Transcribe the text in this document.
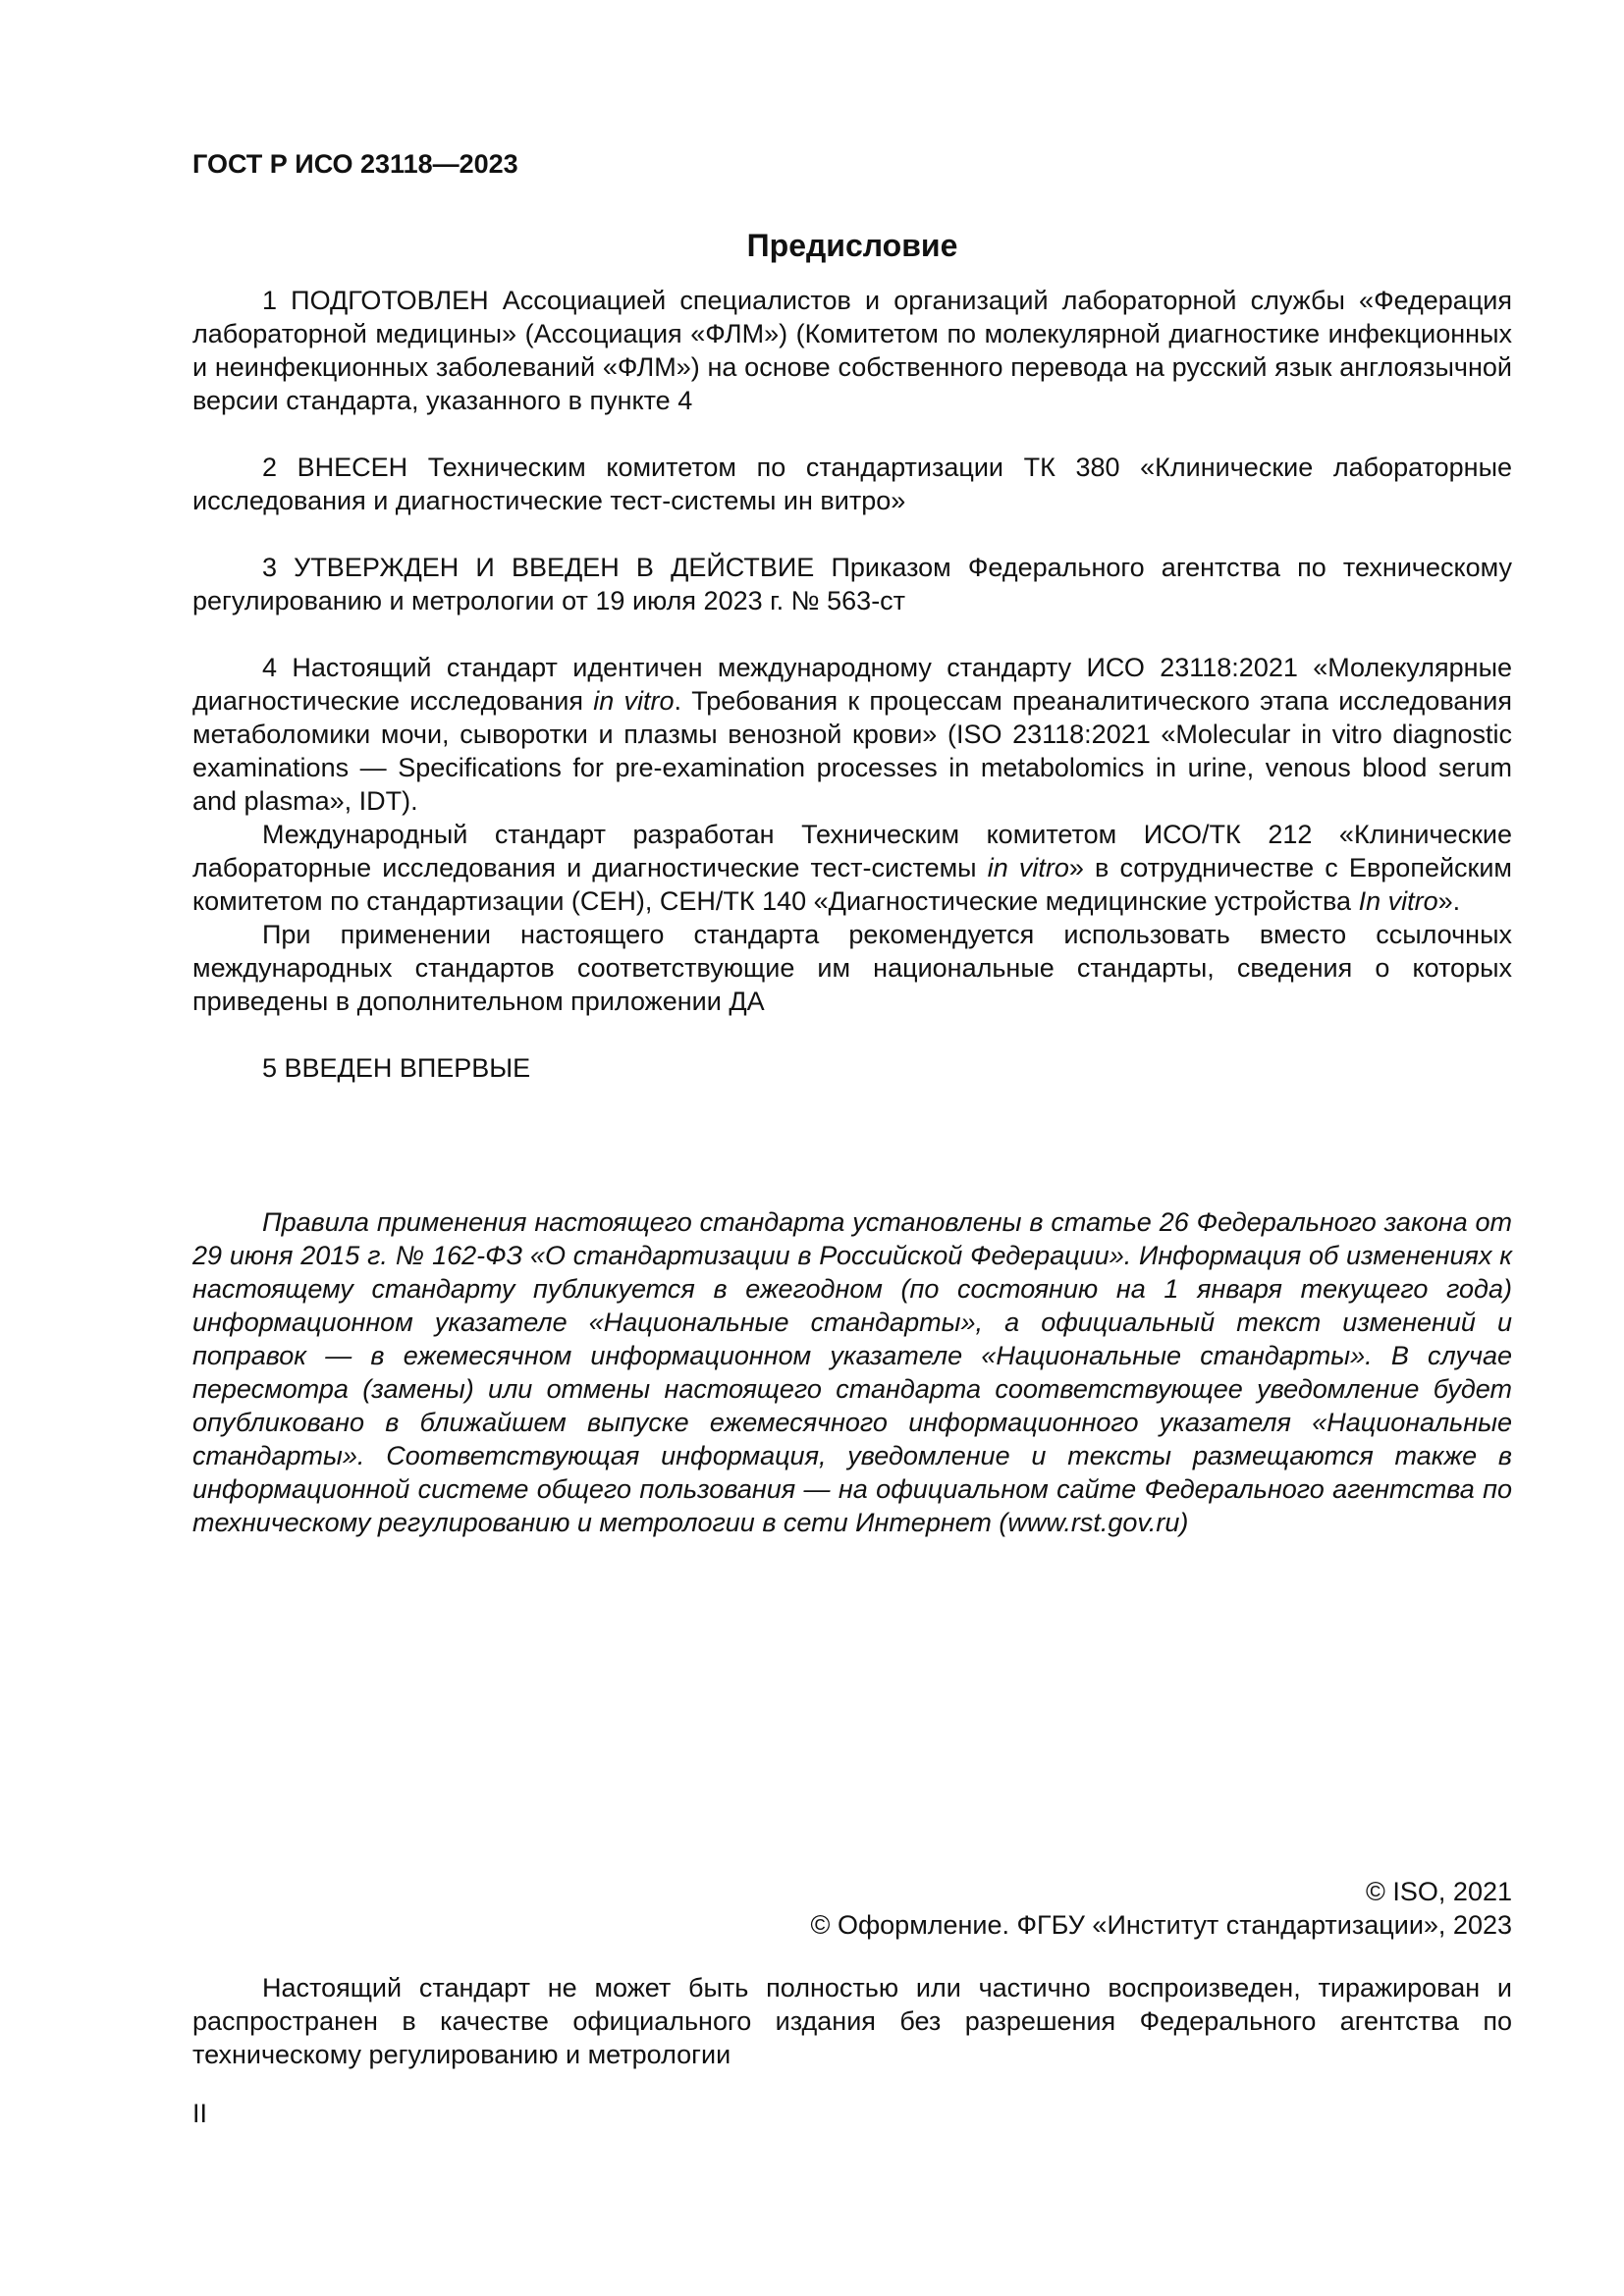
ГОСТ Р ИСО 23118—2023
Предисловие

1 ПОДГОТОВЛЕН Ассоциацией специалистов и организаций лабораторной службы «Федерация лабораторной медицины» (Ассоциация «ФЛМ») (Комитетом по молекулярной диагностике инфекционных и неинфекционных заболеваний «ФЛМ») на основе собственного перевода на русский язык англоязычной версии стандарта, указанного в пункте 4

2 ВНЕСЕН Техническим комитетом по стандартизации ТК 380 «Клинические лабораторные исследования и диагностические тест-системы ин витро»

3 УТВЕРЖДЕН И ВВЕДЕН В ДЕЙСТВИЕ Приказом Федерального агентства по техническому регулированию и метрологии от 19 июля 2023 г. № 563-ст

4 Настоящий стандарт идентичен международному стандарту ИСО 23118:2021 «Молекулярные диагностические исследования in vitro. Требования к процессам преаналитического этапа исследования метаболомики мочи, сыворотки и плазмы венозной крови» (ISO 23118:2021 «Molecular in vitro diagnostic examinations — Specifications for pre-examination processes in metabolomics in urine, venous blood serum and plasma», IDT).

Международный стандарт разработан Техническим комитетом ИСО/ТК 212 «Клинические лабораторные исследования и диагностические тест-системы in vitro» в сотрудничестве с Европейским комитетом по стандартизации (СЕН), СЕН/ТК 140 «Диагностические медицинские устройства In vitro».

При применении настоящего стандарта рекомендуется использовать вместо ссылочных международных стандартов соответствующие им национальные стандарты, сведения о которых приведены в дополнительном приложении ДА

5 ВВЕДЕН ВПЕРВЫЕ

Правила применения настоящего стандарта установлены в статье 26 Федерального закона от 29 июня 2015 г. № 162-ФЗ «О стандартизации в Российской Федерации». Информация об изменениях к настоящему стандарту публикуется в ежегодном (по состоянию на 1 января текущего года) информационном указателе «Национальные стандарты», а официальный текст изменений и поправок — в ежемесячном информационном указателе «Национальные стандарты». В случае пересмотра (замены) или отмены настоящего стандарта соответствующее уведомление будет опубликовано в ближайшем выпуске ежемесячного информационного указателя «Национальные стандарты». Соответствующая информация, уведомление и тексты размещаются также в информационной системе общего пользования — на официальном сайте Федерального агентства по техническому регулированию и метрологии в сети Интернет (www.rst.gov.ru)

© ISO, 2021
© Оформление. ФГБУ «Институт стандартизации», 2023

Настоящий стандарт не может быть полностью или частично воспроизведен, тиражирован и распространен в качестве официального издания без разрешения Федерального агентства по техническому регулированию и метрологии

II
